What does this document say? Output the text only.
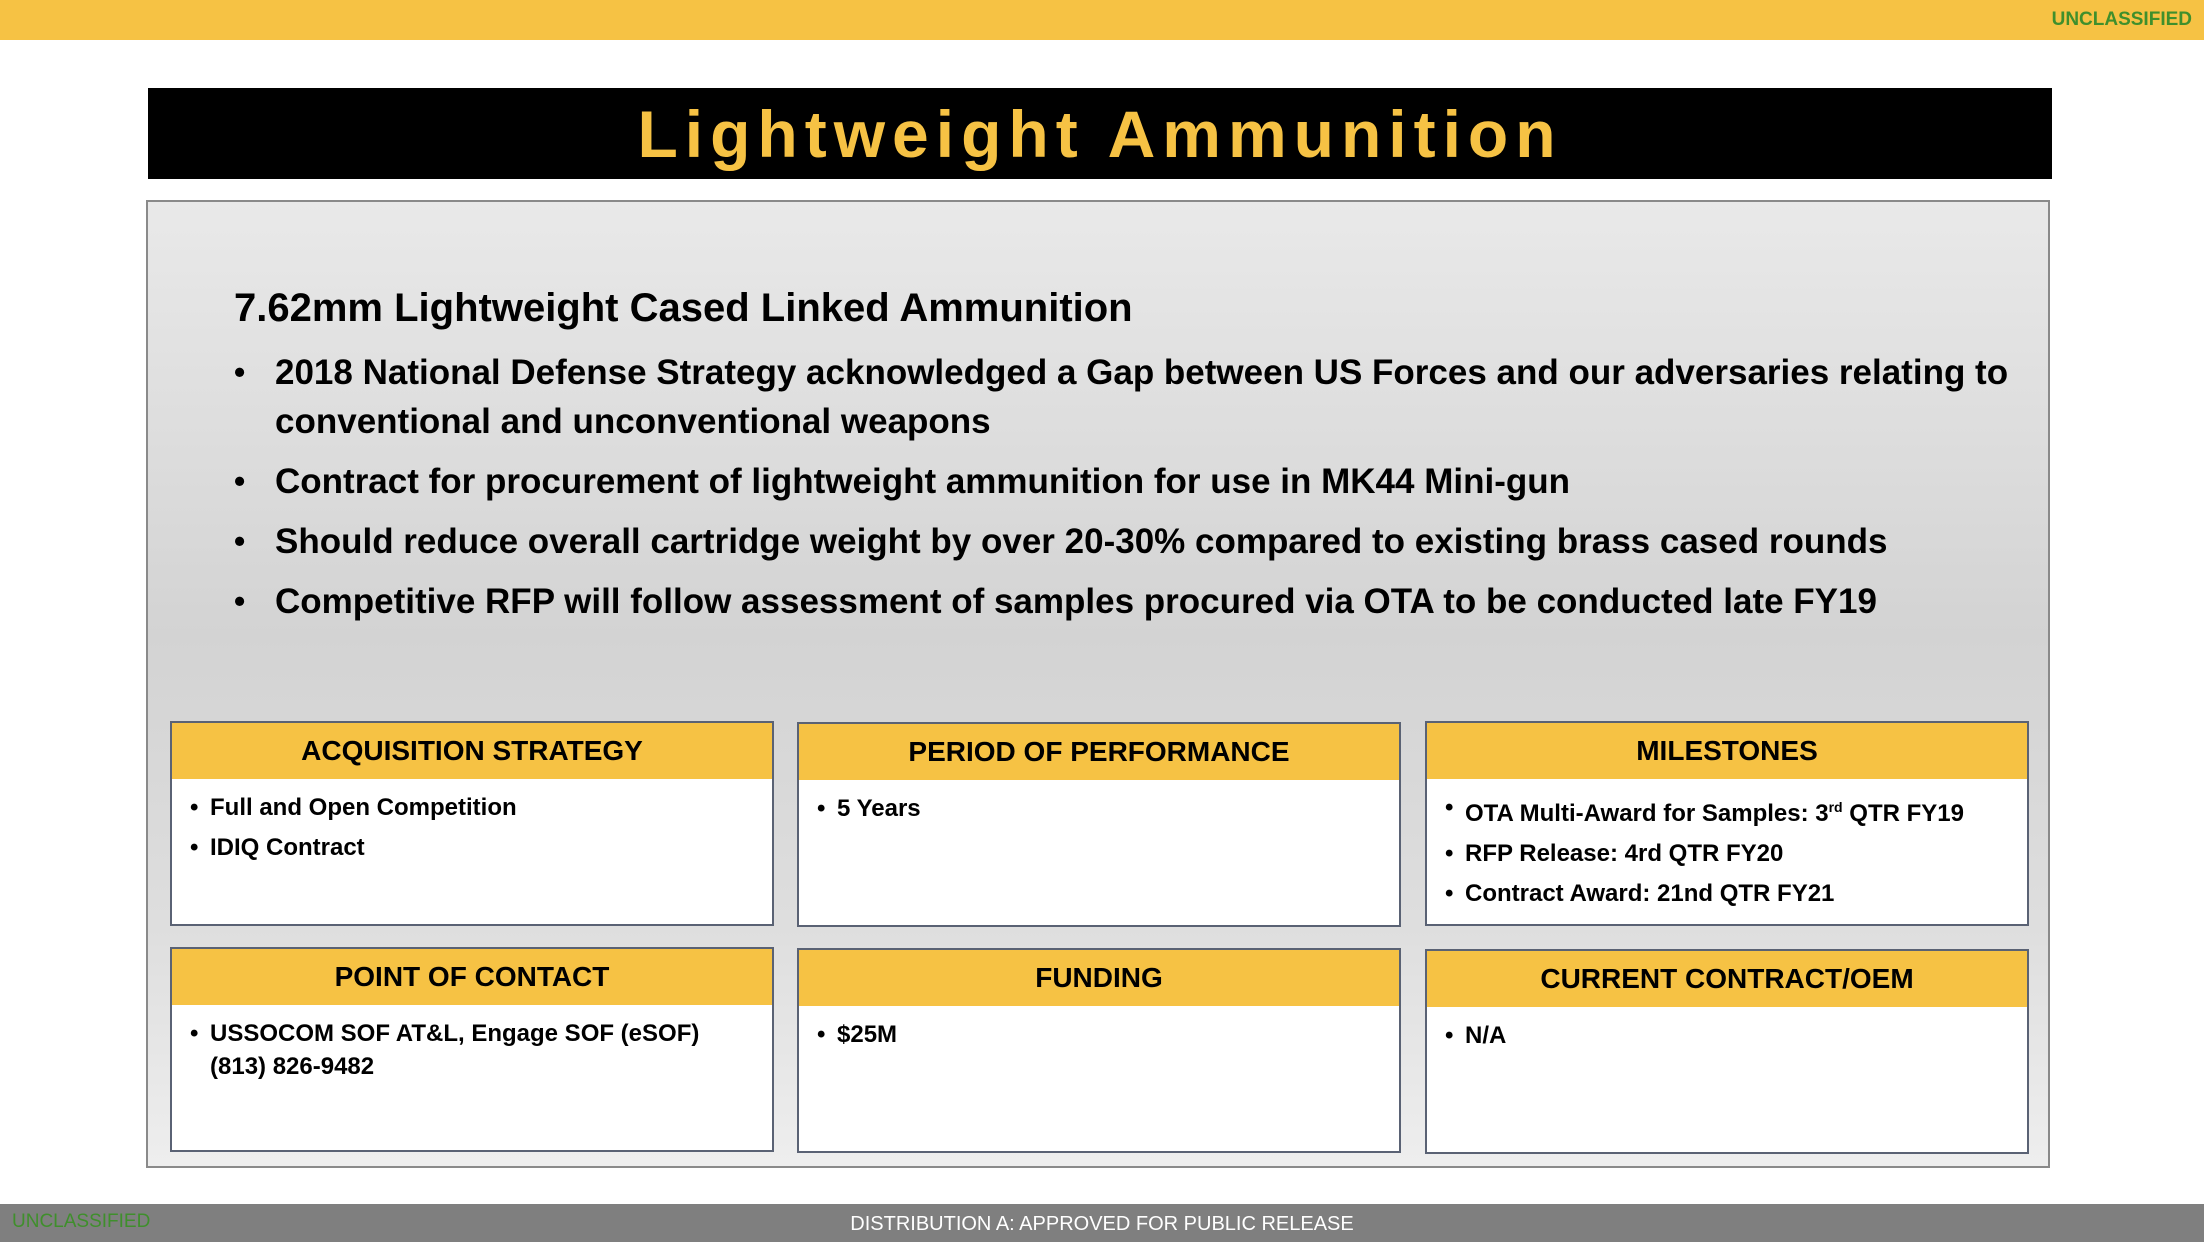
UNCLASSIFIED
Lightweight Ammunition
7.62mm Lightweight Cased Linked Ammunition
• 2018 National Defense Strategy acknowledged a Gap between US Forces and our adversaries relating to conventional and unconventional weapons
• Contract for procurement of lightweight ammunition for use in MK44 Mini-gun
• Should reduce overall cartridge weight by over 20-30% compared to existing brass cased rounds
• Competitive RFP will follow assessment of samples procured via OTA to be conducted late FY19
ACQUISITION STRATEGY
• Full and Open Competition
• IDIQ Contract
PERIOD OF PERFORMANCE
• 5 Years
MILESTONES
• OTA Multi-Award for Samples: 3rd QTR FY19
• RFP Release: 4rd QTR FY20
• Contract Award: 21nd QTR FY21
POINT OF CONTACT
• USSOCOM SOF AT&L, Engage SOF (eSOF)
(813) 826-9482
FUNDING
• $25M
CURRENT CONTRACT/OEM
• N/A
UNCLASSIFIED	DISTRIBUTION A: APPROVED FOR PUBLIC RELEASE
